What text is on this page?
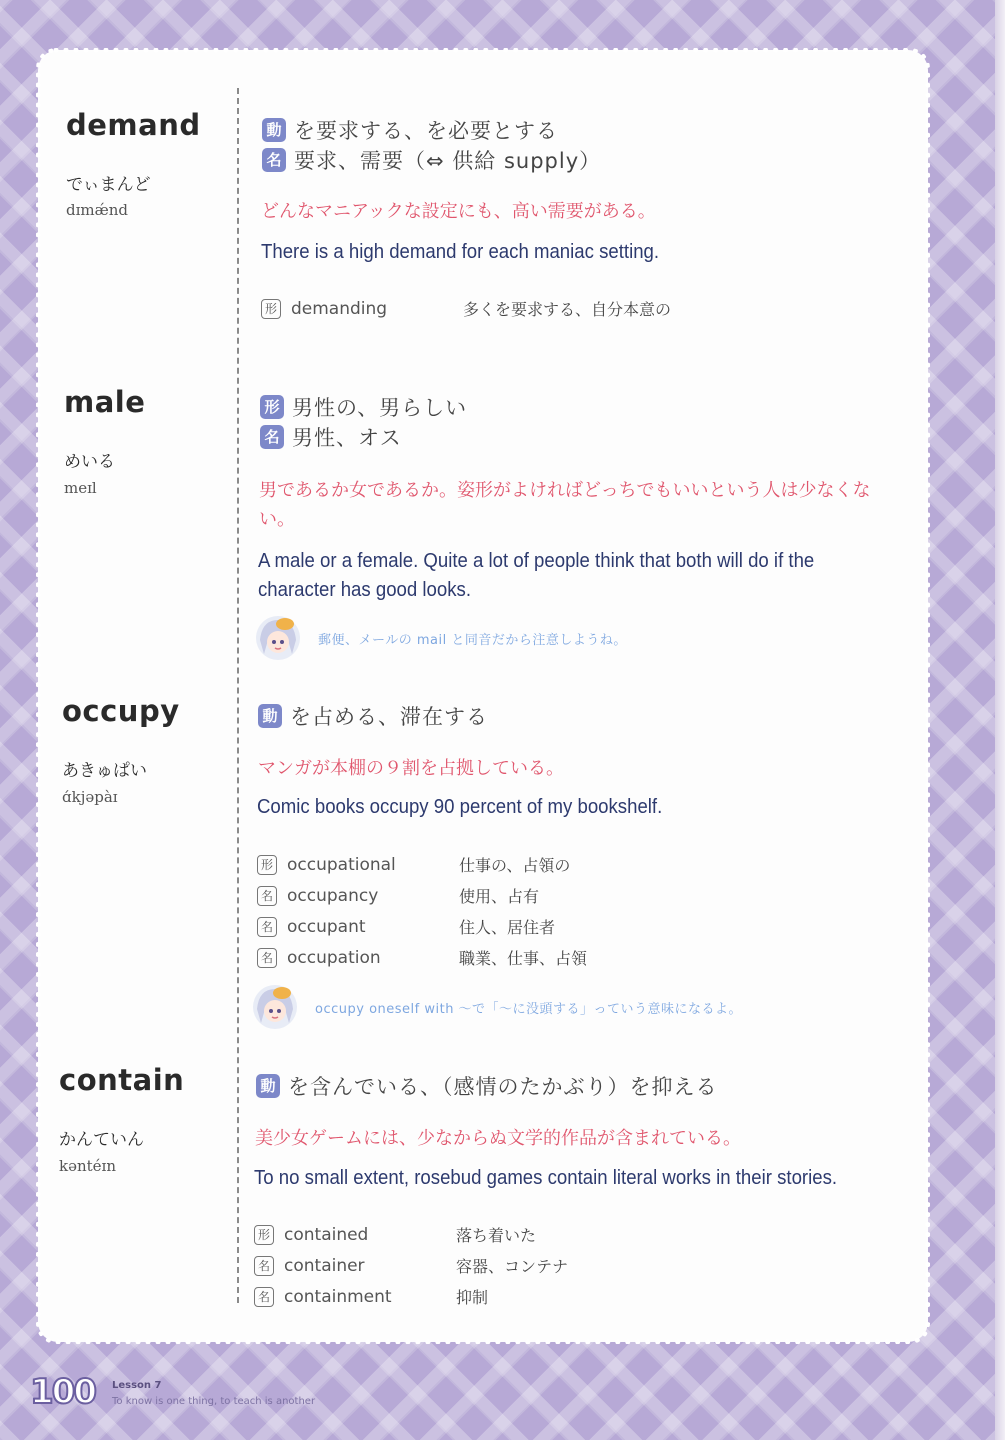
demand
でぃまんど
dɪmǽnd
動 を要求する、を必要とする
名 要求、需要（⇔ 供給 supply）
どんなマニアックな設定にも、高い需要がある。
There is a high demand for each maniac setting.
形 demanding	多くを要求する、自分本意の
male
めいる
meɪl
形 男性の、男らしい
名 男性、オス
男であるか女であるか。姿形がよければどっちでもいいという人は少なくない。
A male or a female. Quite a lot of people think that both will do if the character has good looks.
郵便、メールの mail と同音だから注意しようね。
occupy
あきゅぱい
ɑ́kjəpàɪ
動 を占める、滞在する
マンガが本棚の９割を占拠している。
Comic books occupy 90 percent of my bookshelf.
形 occupational	仕事の、占領の
名 occupancy	使用、占有
名 occupant	住人、居住者
名 occupation	職業、仕事、占領
occupy oneself with ～で「～に没頭する」っていう意味になるよ。
contain
かんていん
kəntéɪn
動 を含んでいる、（感情のたかぶり）を抑える
美少女ゲームには、少なからぬ文学的作品が含まれている。
To no small extent, rosebud games contain literal works in their stories.
形 contained	落ち着いた
名 container	容器、コンテナ
名 containment	抑制
100 Lesson 7
To know is one thing, to teach is another
